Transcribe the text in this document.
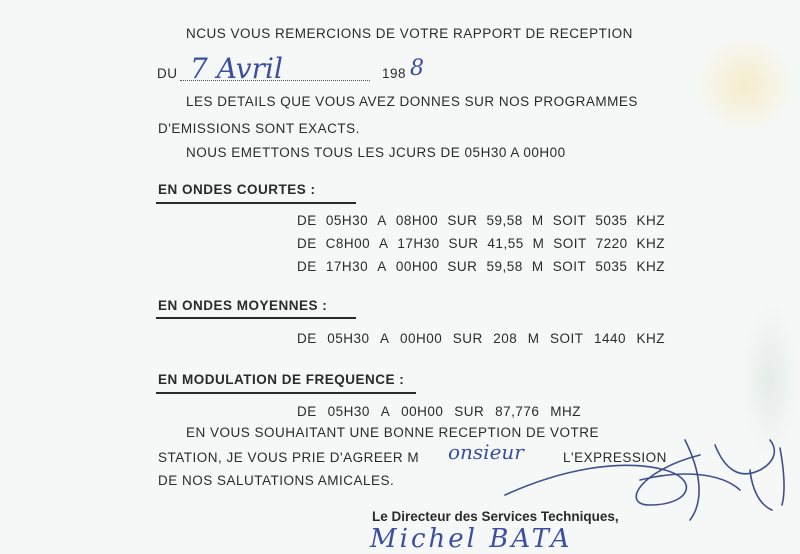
NCUS VOUS REMERCIONS DE VOTRE RAPPORT DE RECEPTION
DU 7 Avril	198 8
LES DETAILS QUE VOUS AVEZ DONNES SUR NOS PROGRAMMES
D'EMISSIONS SONT EXACTS.
NOUS EMETTONS TOUS LES JCURS DE 05H30 A 00H00
EN ONDES COURTES :
DE 05H30 A 08H00 SUR 59,58 M SOIT 5035 KHZ
DE C8H00 A 17H30 SUR 41,55 M SOIT 7220 KHZ
DE 17H30 A 00H00 SUR 59,58 M SOIT 5035 KHZ
EN ONDES MOYENNES :
DE 05H30 A 00H00 SUR 208 M SOIT 1440 KHZ
EN MODULATION DE FREQUENCE :
DE 05H30 A 00H00 SUR 87,776 MHZ
EN VOUS SOUHAITANT UNE BONNE RECEPTION DE VOTRE
STATION, JE VOUS PRIE D'AGREER M onsieur	L'EXPRESSION
DE NOS SALUTATIONS AMICALES.
Le Directeur des Services Techniques,
Michel BATA
